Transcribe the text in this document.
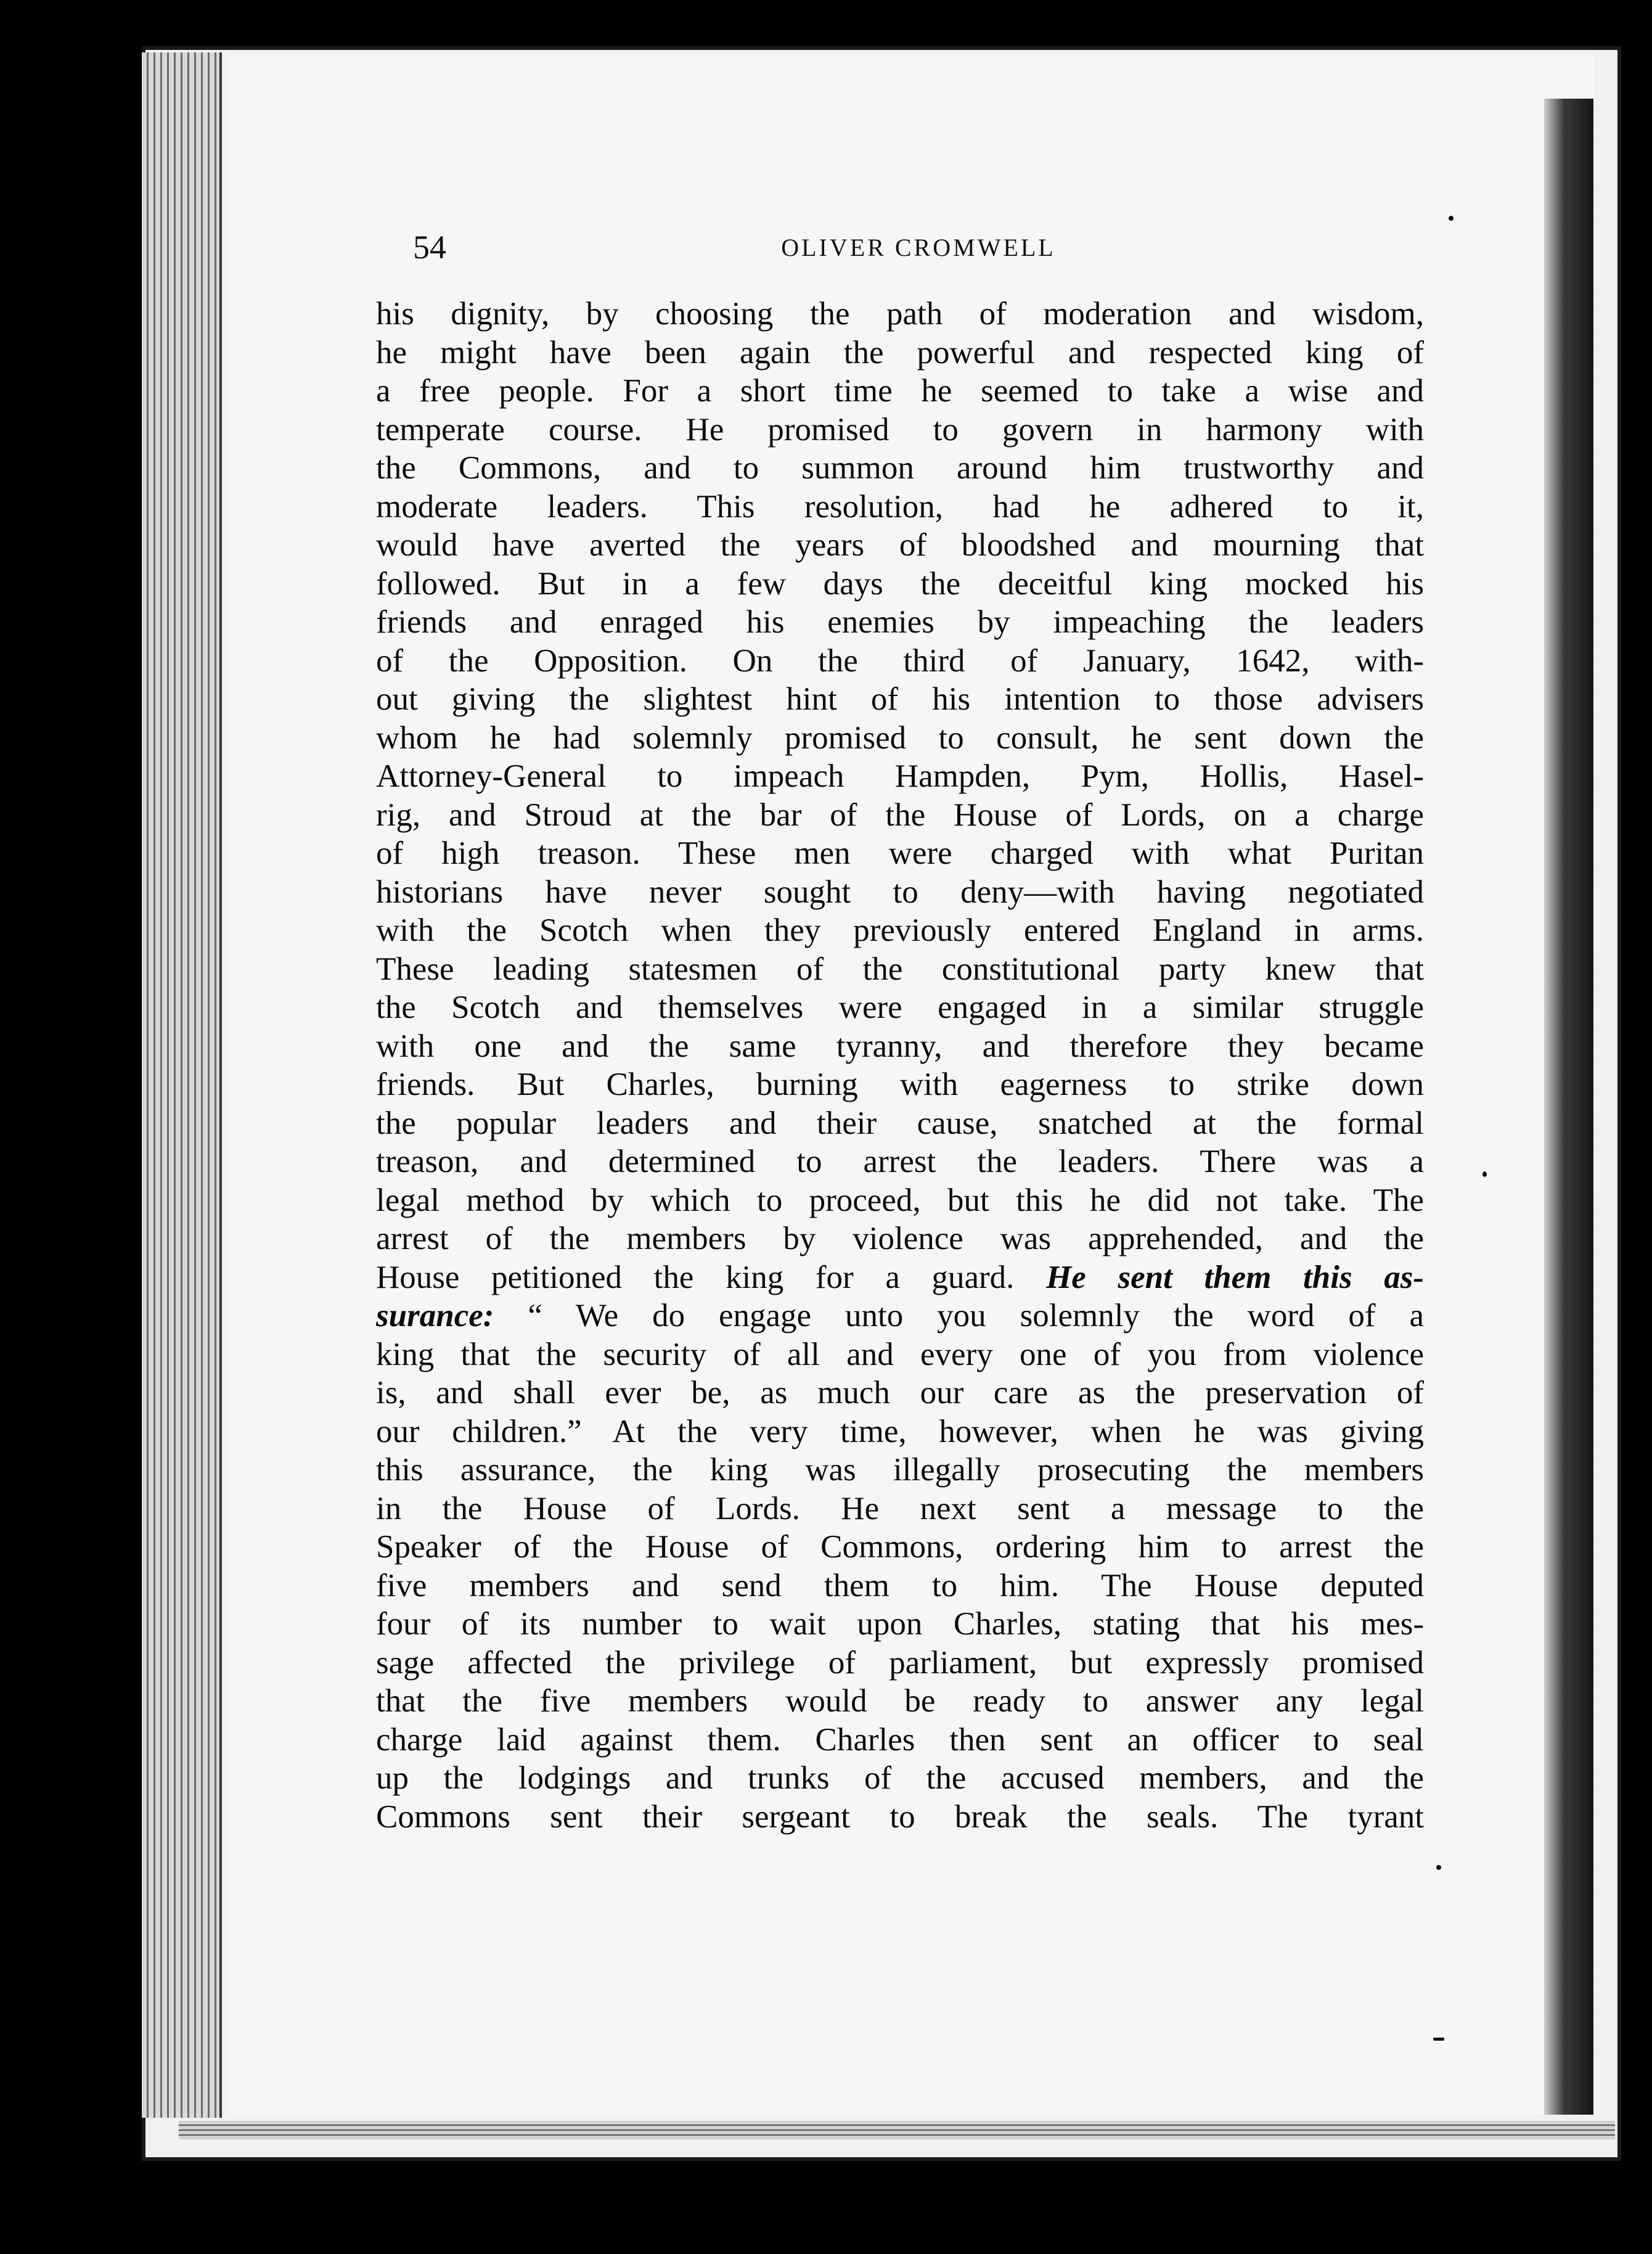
54	OLIVER CROMWELL
his dignity, by choosing the path of moderation and wisdom,
he might have been again the powerful and respected king of
a free people. For a short time he seemed to take a wise and
temperate course. He promised to govern in harmony with
the Commons, and to summon around him trustworthy and
moderate leaders. This resolution, had he adhered to it,
would have averted the years of bloodshed and mourning that
followed. But in a few days the deceitful king mocked his
friends and enraged his enemies by impeaching the leaders
of the Opposition. On the third of January, 1642, with-
out giving the slightest hint of his intention to those advisers
whom he had solemnly promised to consult, he sent down the
Attorney-General to impeach Hampden, Pym, Hollis, Hasel-
rig, and Stroud at the bar of the House of Lords, on a charge
of high treason. These men were charged with what Puritan
historians have never sought to deny—with having negotiated
with the Scotch when they previously entered England in arms.
These leading statesmen of the constitutional party knew that
the Scotch and themselves were engaged in a similar struggle
with one and the same tyranny, and therefore they became
friends. But Charles, burning with eagerness to strike down
the popular leaders and their cause, snatched at the formal
treason, and determined to arrest the leaders. There was a
legal method by which to proceed, but this he did not take. The
arrest of the members by violence was apprehended, and the
House petitioned the king for a guard. He sent them this as-
surance: “ We do engage unto you solemnly the word of a
king that the security of all and every one of you from violence
is, and shall ever be, as much our care as the preservation of
our children.” At the very time, however, when he was giving
this assurance, the king was illegally prosecuting the members
in the House of Lords. He next sent a message to the
Speaker of the House of Commons, ordering him to arrest the
five members and send them to him. The House deputed
four of its number to wait upon Charles, stating that his mes-
sage affected the privilege of parliament, but expressly promised
that the five members would be ready to answer any legal
charge laid against them. Charles then sent an officer to seal
up the lodgings and trunks of the accused members, and the
Commons sent their sergeant to break the seals. The tyrant
